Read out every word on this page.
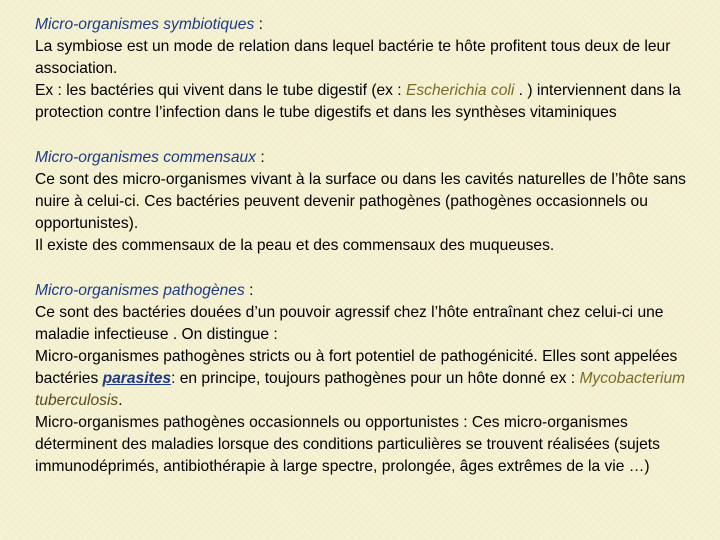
Micro-organismes symbiotiques :

La symbiose est un mode de relation dans lequel bactérie te hôte profitent tous deux de leur association.

Ex : les bactéries qui vivent dans le tube digestif (ex : Escherichia coli . ) interviennent dans la protection contre l’infection dans le tube digestifs et dans les synthèses vitaminiques

Micro-organismes commensaux :

Ce sont des micro-organismes vivant à la surface ou dans les cavités naturelles de l’hôte sans nuire à celui-ci. Ces bactéries peuvent devenir pathogènes (pathogènes occasionnels ou opportunistes).

Il existe des commensaux de la peau et des commensaux des muqueuses.

Micro-organismes pathogènes :

Ce sont des bactéries douées d’un pouvoir agressif chez l’hôte entraînant chez celui-ci une maladie infectieuse . On distingue :

Micro-organismes pathogènes stricts ou à fort potentiel de pathogénicité. Elles sont appelées bactéries parasites: en principe, toujours pathogènes pour un hôte donné ex : Mycobacterium tuberculosis.

Micro-organismes pathogènes occasionnels ou opportunistes : Ces micro-organismes déterminent des maladies lorsque des conditions particulières se trouvent réalisées (sujets immunodéprimés, antibiothérapie à large spectre, prolongée, âges extrêmes de la vie …)
